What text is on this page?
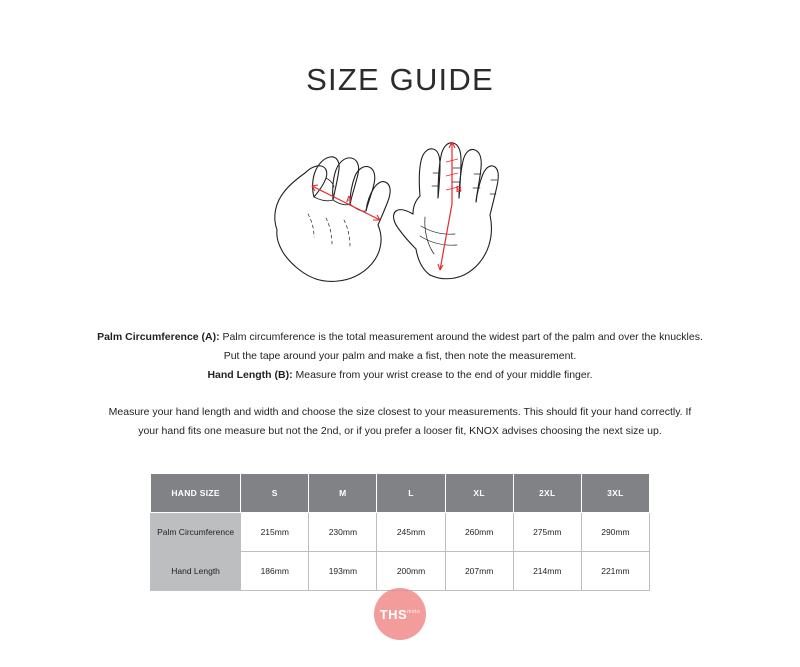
SIZE GUIDE
A
B
Palm Circumference (A): Palm circumference is the total measurement around the widest part of the palm and over the knuckles.
Put the tape around your palm and make a fist, then note the measurement.
Hand Length (B): Measure from your wrist crease to the end of your middle finger.
Measure your hand length and width and choose the size closest to your measurements. This should fit your hand correctly. If your hand fits one measure but not the 2nd, or if you prefer a looser fit, KNOX advises choosing the next size up.
HAND SIZE	S	M	L	XL	2XL	3XL
Palm Circumference	215mm	230mm	245mm	260mm	275mm	290mm
Hand Length	186mm	193mm	200mm	207mm	214mm	221mm
THS moto
